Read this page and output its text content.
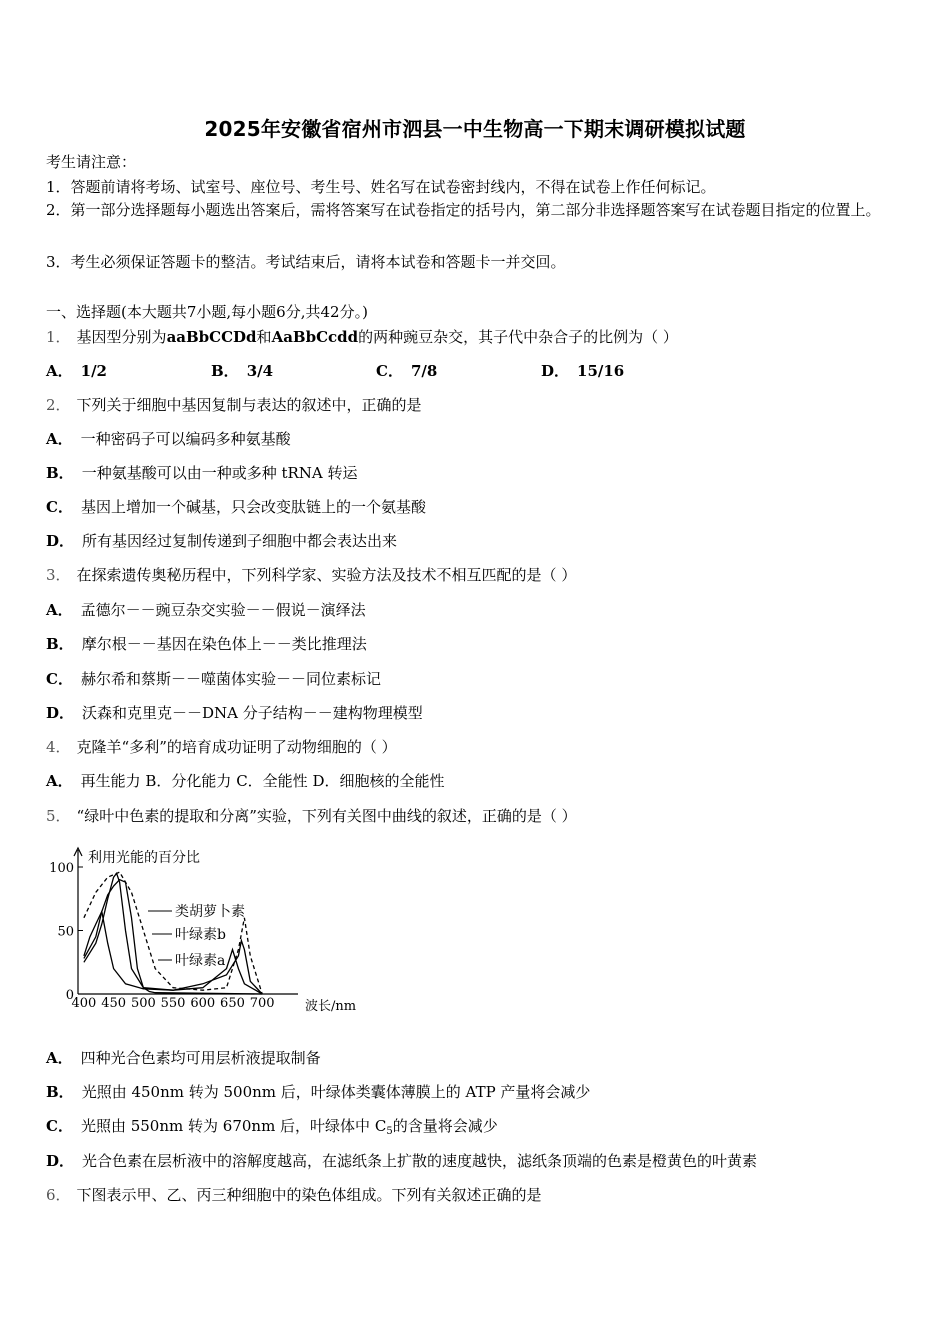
2025年安徽省宿州市泗县一中生物高一下期末调研模拟试题
考生请注意：
1．答题前请将考场、试室号、座位号、考生号、姓名写在试卷密封线内，不得在试卷上作任何标记。
2．第一部分选择题每小题选出答案后，需将答案写在试卷指定的括号内，第二部分非选择题答案写在试卷题目指定的位置上。
3．考生必须保证答题卡的整洁。考试结束后，请将本试卷和答题卡一并交回。
一、选择题(本大题共7小题,每小题6分,共42分。)
1． 基因型分别为aaBbCCDd和AaBbCcdd的两种豌豆杂交，其子代中杂合子的比例为（ ）
A． 1/2	B． 3/4	C． 7/8	D． 15/16
2． 下列关于细胞中基因复制与表达的叙述中，正确的是
A． 一种密码子可以编码多种氨基酸
B． 一种氨基酸可以由一种或多种 tRNA 转运
C． 基因上增加一个碱基，只会改变肽链上的一个氨基酸
D． 所有基因经过复制传递到子细胞中都会表达出来
3． 在探索遗传奥秘历程中，下列科学家、实验方法及技术不相互匹配的是（ ）
A． 孟德尔－－豌豆杂交实验－－假说－演绎法
B． 摩尔根－－基因在染色体上－－类比推理法
C． 赫尔希和蔡斯－－噬菌体实验－－同位素标记
D． 沃森和克里克－－DNA 分子结构－－建构物理模型
4． 克隆羊“多利”的培育成功证明了动物细胞的（ ）
A． 再生能力 B．分化能力 C．全能性 D．细胞核的全能性
5． “绿叶中色素的提取和分离”实验，下列有关图中曲线的叙述，正确的是（ ）
0
50
100
400 450 500 550 600 650 700
利用光能的百分比
波长/nm
类胡萝卜素
叶绿素b
叶绿素a
A． 四种光合色素均可用层析液提取制备
B． 光照由 450nm 转为 500nm 后，叶绿体类囊体薄膜上的 ATP 产量将会减少
C． 光照由 550nm 转为 670nm 后，叶绿体中 $C_5$的含量将会减少
D． 光合色素在层析液中的溶解度越高，在滤纸条上扩散的速度越快，滤纸条顶端的色素是橙黄色的叶黄素
6． 下图表示甲、乙、丙三种细胞中的染色体组成。下列有关叙述正确的是
